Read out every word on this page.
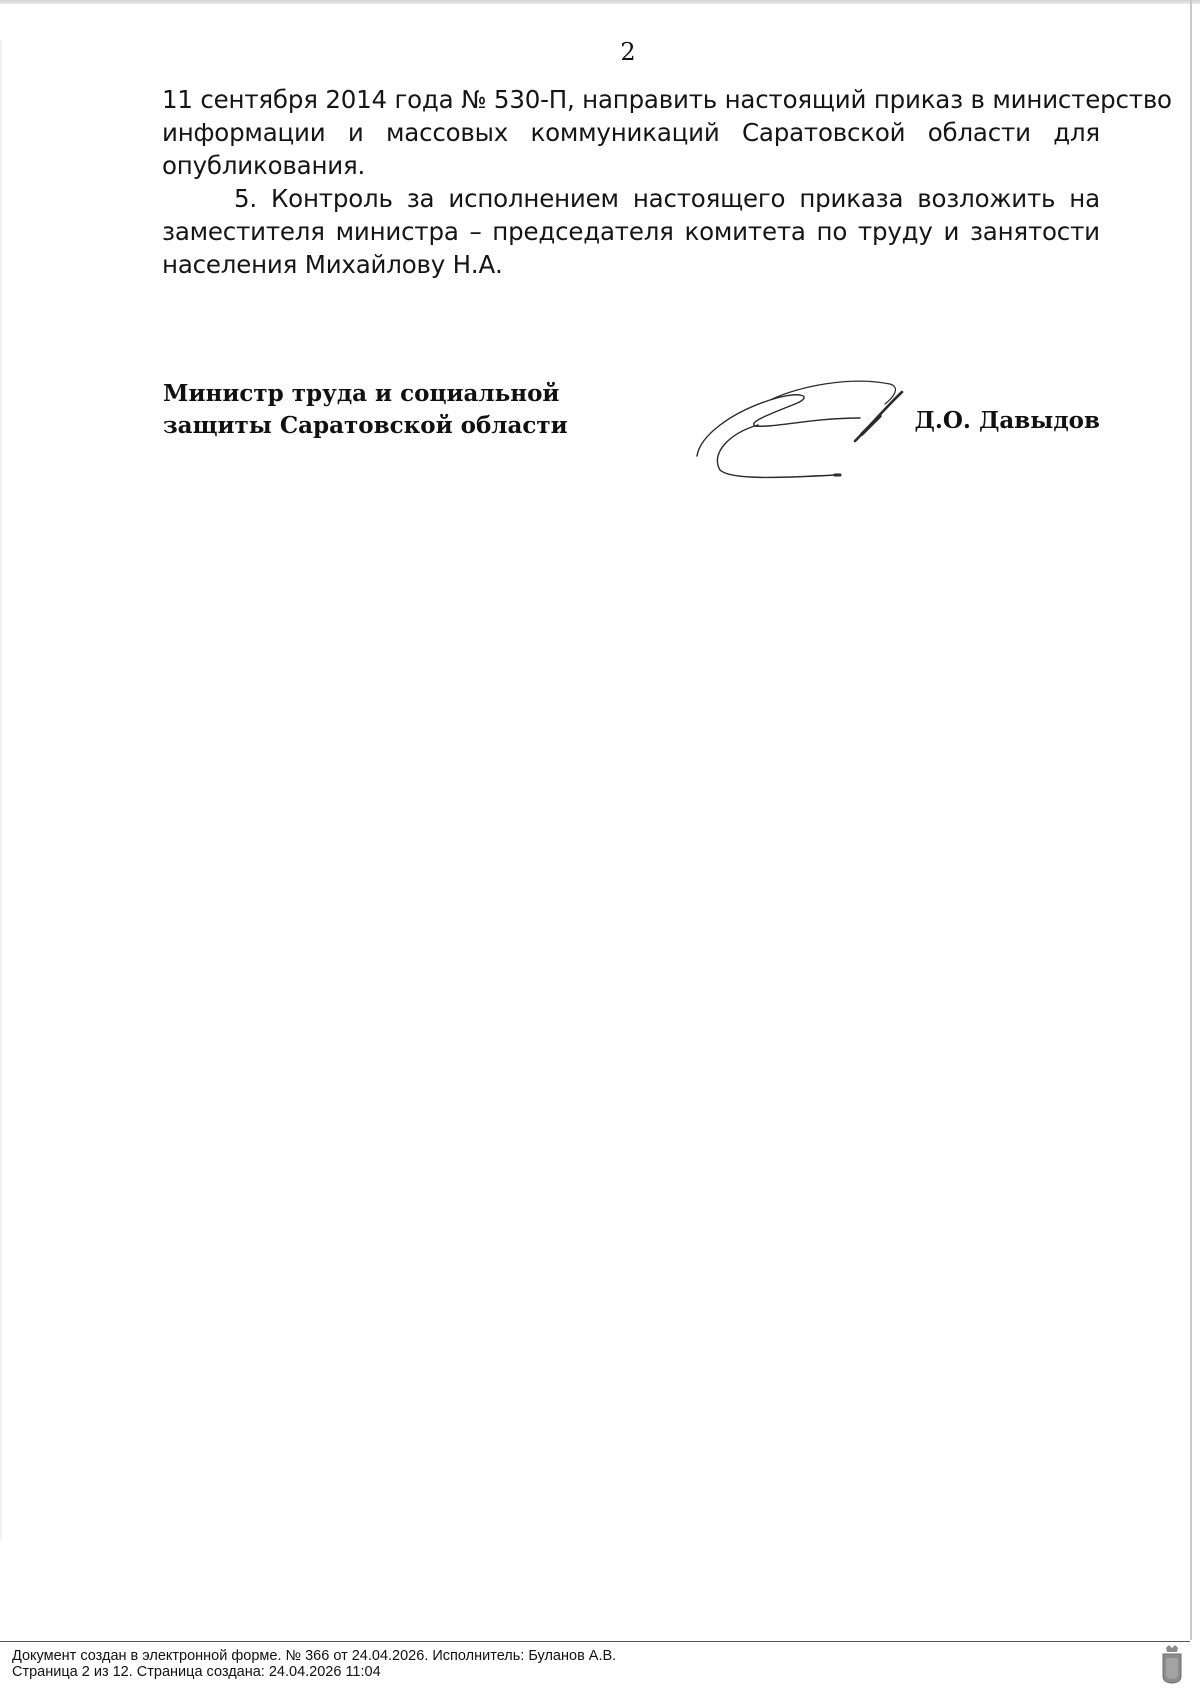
2
11 сентября 2014 года № 530-П, направить настоящий приказ в министерство
информации и массовых коммуникаций Саратовской области для
опубликования.
5. Контроль за исполнением настоящего приказа возложить на
заместителя министра – председателя комитета по труду и занятости
населения Михайлову Н.А.
Министр труда и социальной
защиты Саратовской области	Д.О. Давыдов
Документ создан в электронной форме. № 366 от 24.04.2026. Исполнитель: Буланов А.В.
Страница 2 из 12. Страница создана: 24.04.2026 11:04
